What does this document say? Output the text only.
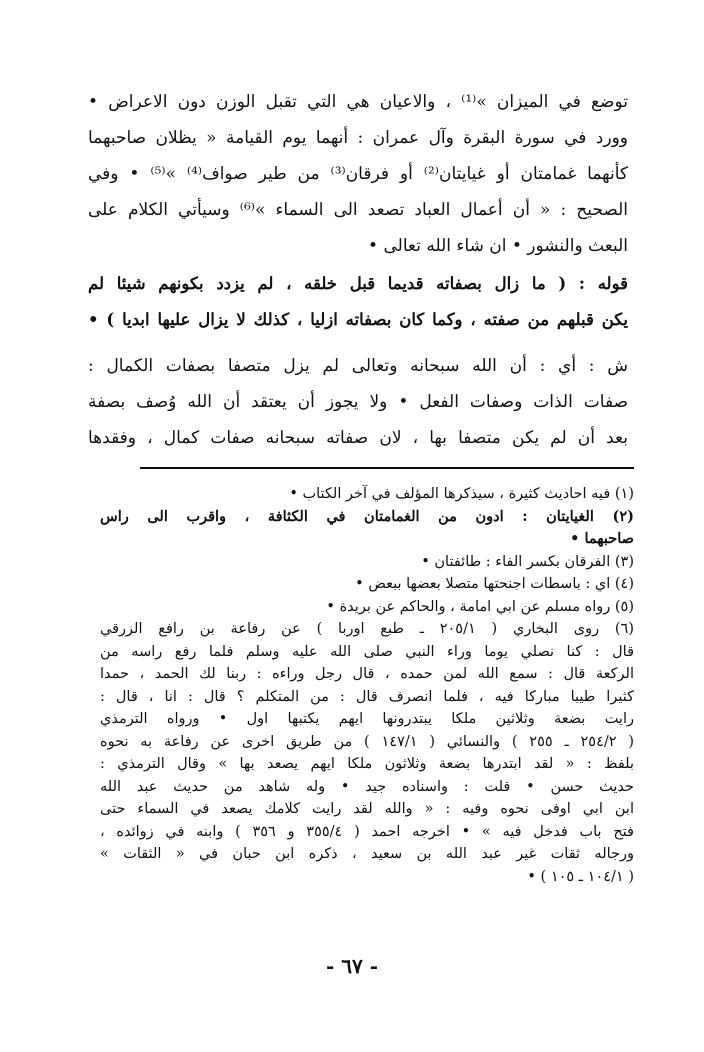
توضع في الميزان »⁽¹⁾ ، والاعيان هي التي تقبل الوزن دون الاعراض •
وورد في سورة البقرة وآل عمران : أنهما يوم القيامة « يظلان صاحبهما
كأنهما غمامتان أو غيايتان⁽²⁾ أو فرقان⁽³⁾ من طير صواف⁽⁴⁾ »⁽⁵⁾ • وفي
الصحيح : « أن أعمال العباد تصعد الى السماء »⁽⁶⁾ وسيأتي الكلام على
البعث والنشور • ان شاء الله تعالى •
قوله : ( ما زال بصفاته قديما قبل خلقه ، لم يزدد بكونهم شيئا لم
يكن قبلهم من صفته ، وكما كان بصفاته ازليا ، كذلك لا يزال عليها ابديا ) •
ش : أي : أن الله سبحانه وتعالى لم يزل متصفا بصفات الكمال :
صفات الذات وصفات الفعل • ولا يجوز أن يعتقد أن الله وُصف بصفة
بعد أن لم يكن متصفا بها ، لان صفاته سبحانه صفات كمال ، وفقدها
(١) فيه احاديث كثيرة ، سيذكرها المؤلف في آخر الكتاب •
(٢) الغيايتان : ادون من الغمامتان في الكثافة ، واقرب الى راس
صاحبهما •
(٣) الفرقان بكسر الفاء : طائفتان •
(٤) اي : باسطات اجنحتها متصلا بعضها ببعض •
(٥) رواه مسلم عن ابي امامة ، والحاكم عن بريدة •
(٦) روى البخاري ( ٢٠٥/١ ـ طبع اوربا ) عن رفاعة بن رافع الزرقي
قال : كنا نصلي يوما وراء النبي صلى الله عليه وسلم فلما رفع راسه من
الركعة قال : سمع الله لمن حمده ، قال رجل وراءه : ربنا لك الحمد ، حمدا
كثيرا طيبا مباركا فيه ، فلما انصرف قال : من المتكلم ؟ قال : انا ، قال :
رايت بضعة وثلاثين ملكا يبتدرونها ايهم يكتبها اول • ورواه الترمذي
( ٢٥٤/٢ ـ ٢٥٥ ) والنسائي ( ١٤٧/١ ) من طريق اخرى عن رفاعة به نحوه
بلفظ : « لقد ابتدرها بضعة وثلاثون ملكا ايهم يصعد بها » وقال الترمذي :
حديث حسن • قلت : واسناده جيد • وله شاهد من حديث عبد الله
ابن ابي اوفى نحوه وفيه : « والله لقد رايت كلامك يصعد في السماء حتى
فتح باب فدخل فيه » • اخرجه احمد ( ٣٥٥/٤ و ٣٥٦ ) وابنه في زوائده ،
ورجاله ثقات غير عبد الله بن سعيد ، ذكره ابن حبان في « الثقات »
( ١٠٤/١ ـ ١٠٥ ) •
- ٦٧ -
